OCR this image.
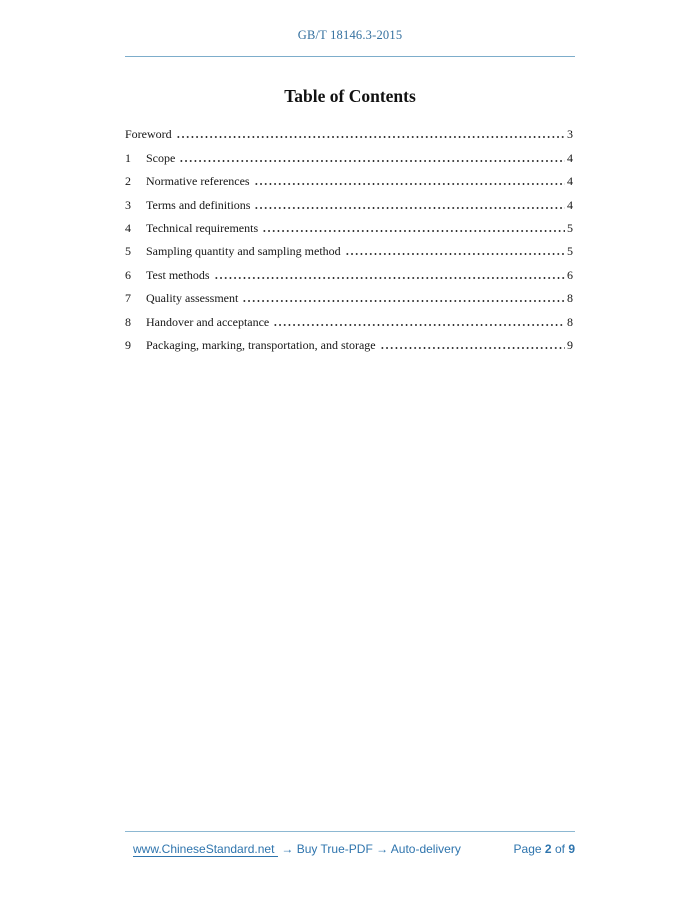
GB/T 18146.3-2015
Table of Contents
Foreword	3
1	Scope	4
2	Normative references	4
3	Terms and definitions	4
4	Technical requirements	5
5	Sampling quantity and sampling method	5
6	Test methods	6
7	Quality assessment	8
8	Handover and acceptance	8
9	Packaging, marking, transportation, and storage	9
www.ChineseStandard.net → Buy True-PDF → Auto-delivery	Page 2 of 9
